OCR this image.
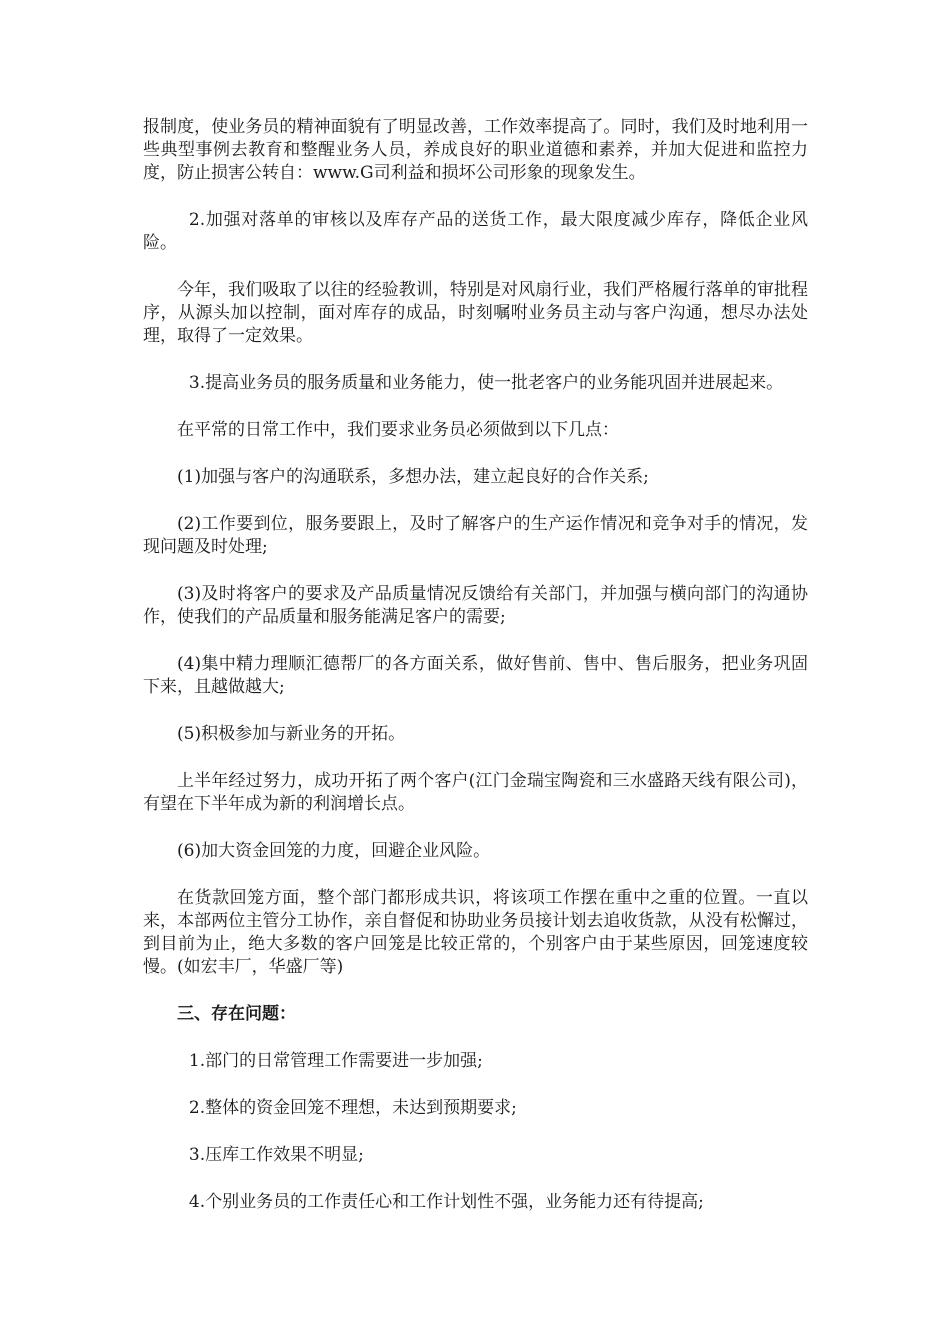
报制度，使业务员的精神面貌有了明显改善，工作效率提高了。同时，我们及时地利用一些典型事例去教育和整醒业务人员，养成良好的职业道德和素养，并加大促进和监控力度，防止损害公转自：www.G司利益和损坏公司形象的现象发生。

2.加强对落单的审核以及库存产品的送货工作，最大限度减少库存，降低企业风险。

今年，我们吸取了以往的经验教训，特别是对风扇行业，我们严格履行落单的审批程序，从源头加以控制，面对库存的成品，时刻嘱咐业务员主动与客户沟通，想尽办法处理，取得了一定效果。

3.提高业务员的服务质量和业务能力，使一批老客户的业务能巩固并进展起来。

在平常的日常工作中，我们要求业务员必须做到以下几点：

(1)加强与客户的沟通联系，多想办法，建立起良好的合作关系;

(2)工作要到位，服务要跟上，及时了解客户的生产运作情况和竞争对手的情况，发现问题及时处理;

(3)及时将客户的要求及产品质量情况反馈给有关部门，并加强与横向部门的沟通协作，使我们的产品质量和服务能满足客户的需要;

(4)集中精力理顺汇德帮厂的各方面关系，做好售前、售中、售后服务，把业务巩固下来，且越做越大;

(5)积极参加与新业务的开拓。

上半年经过努力，成功开拓了两个客户(江门金瑞宝陶瓷和三水盛路天线有限公司)，有望在下半年成为新的利润增长点。

(6)加大资金回笼的力度，回避企业风险。

在货款回笼方面，整个部门都形成共识，将该项工作摆在重中之重的位置。一直以来，本部两位主管分工协作，亲自督促和协助业务员接计划去追收货款，从没有松懈过，到目前为止，绝大多数的客户回笼是比较正常的，个别客户由于某些原因，回笼速度较慢。(如宏丰厂，华盛厂等)

三、存在问题：

1.部门的日常管理工作需要进一步加强;

2.整体的资金回笼不理想，未达到预期要求;

3.压库工作效果不明显;

4.个别业务员的工作责任心和工作计划性不强，业务能力还有待提高;
